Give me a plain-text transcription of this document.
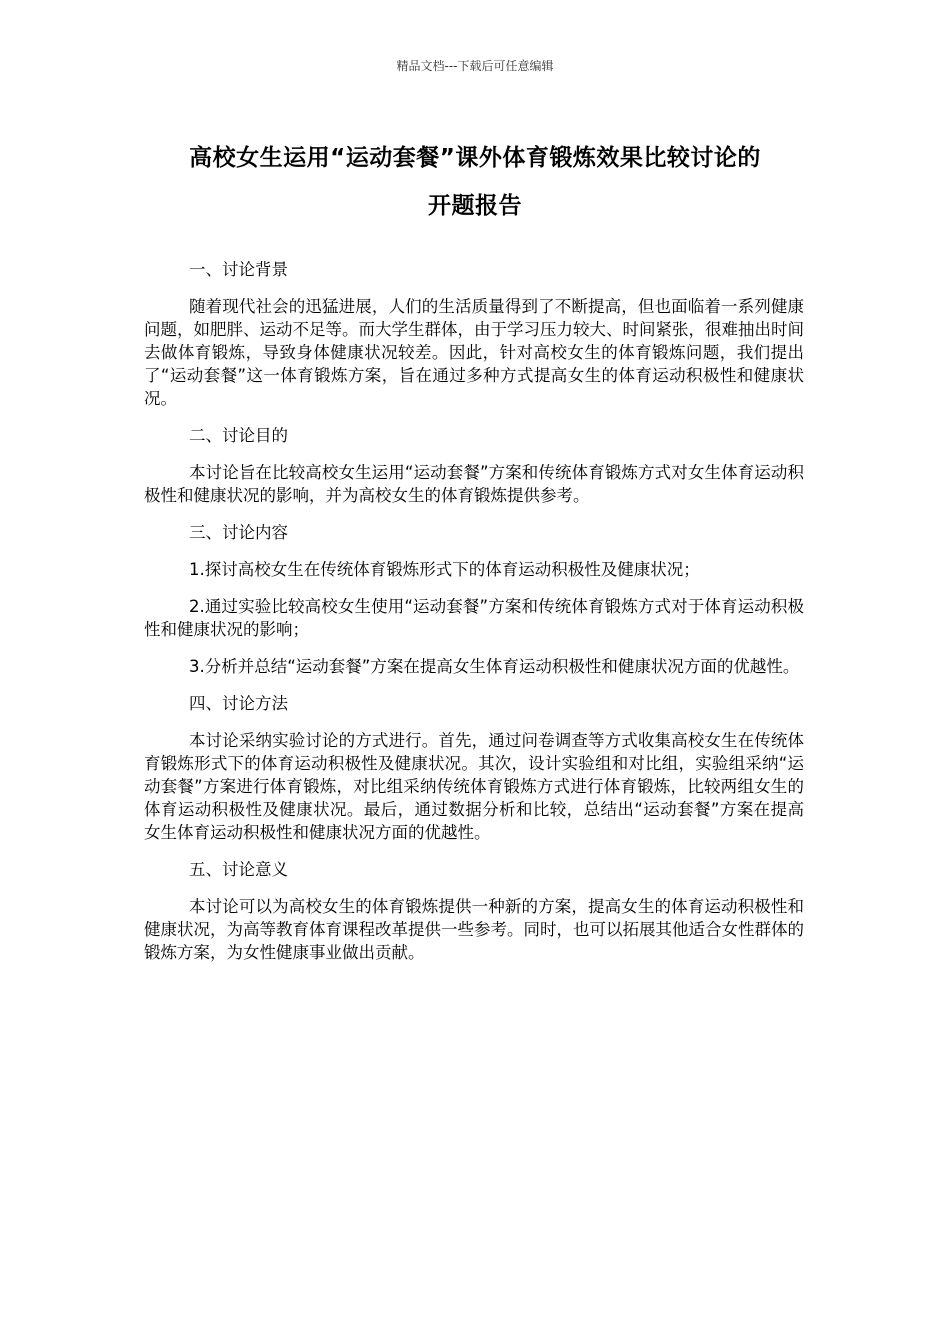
精品文档---下载后可任意编辑
高校女生运用“运动套餐”课外体育锻炼效果比较讨论的
开题报告

一、讨论背景

随着现代社会的迅猛进展，人们的生活质量得到了不断提高，但也面临着一系列健康问题，如肥胖、运动不足等。而大学生群体，由于学习压力较大、时间紧张，很难抽出时间去做体育锻炼，导致身体健康状况较差。因此，针对高校女生的体育锻炼问题，我们提出了“运动套餐”这一体育锻炼方案，旨在通过多种方式提高女生的体育运动积极性和健康状况。

二、讨论目的

本讨论旨在比较高校女生运用“运动套餐”方案和传统体育锻炼方式对女生体育运动积极性和健康状况的影响，并为高校女生的体育锻炼提供参考。

三、讨论内容

1.探讨高校女生在传统体育锻炼形式下的体育运动积极性及健康状况；

2.通过实验比较高校女生使用“运动套餐”方案和传统体育锻炼方式对于体育运动积极性和健康状况的影响；

3.分析并总结“运动套餐”方案在提高女生体育运动积极性和健康状况方面的优越性。

四、讨论方法

本讨论采纳实验讨论的方式进行。首先，通过问卷调查等方式收集高校女生在传统体育锻炼形式下的体育运动积极性及健康状况。其次，设计实验组和对比组，实验组采纳“运动套餐”方案进行体育锻炼，对比组采纳传统体育锻炼方式进行体育锻炼，比较两组女生的体育运动积极性及健康状况。最后，通过数据分析和比较，总结出“运动套餐”方案在提高女生体育运动积极性和健康状况方面的优越性。

五、讨论意义

本讨论可以为高校女生的体育锻炼提供一种新的方案，提高女生的体育运动积极性和健康状况，为高等教育体育课程改革提供一些参考。同时，也可以拓展其他适合女性群体的锻炼方案，为女性健康事业做出贡献。
